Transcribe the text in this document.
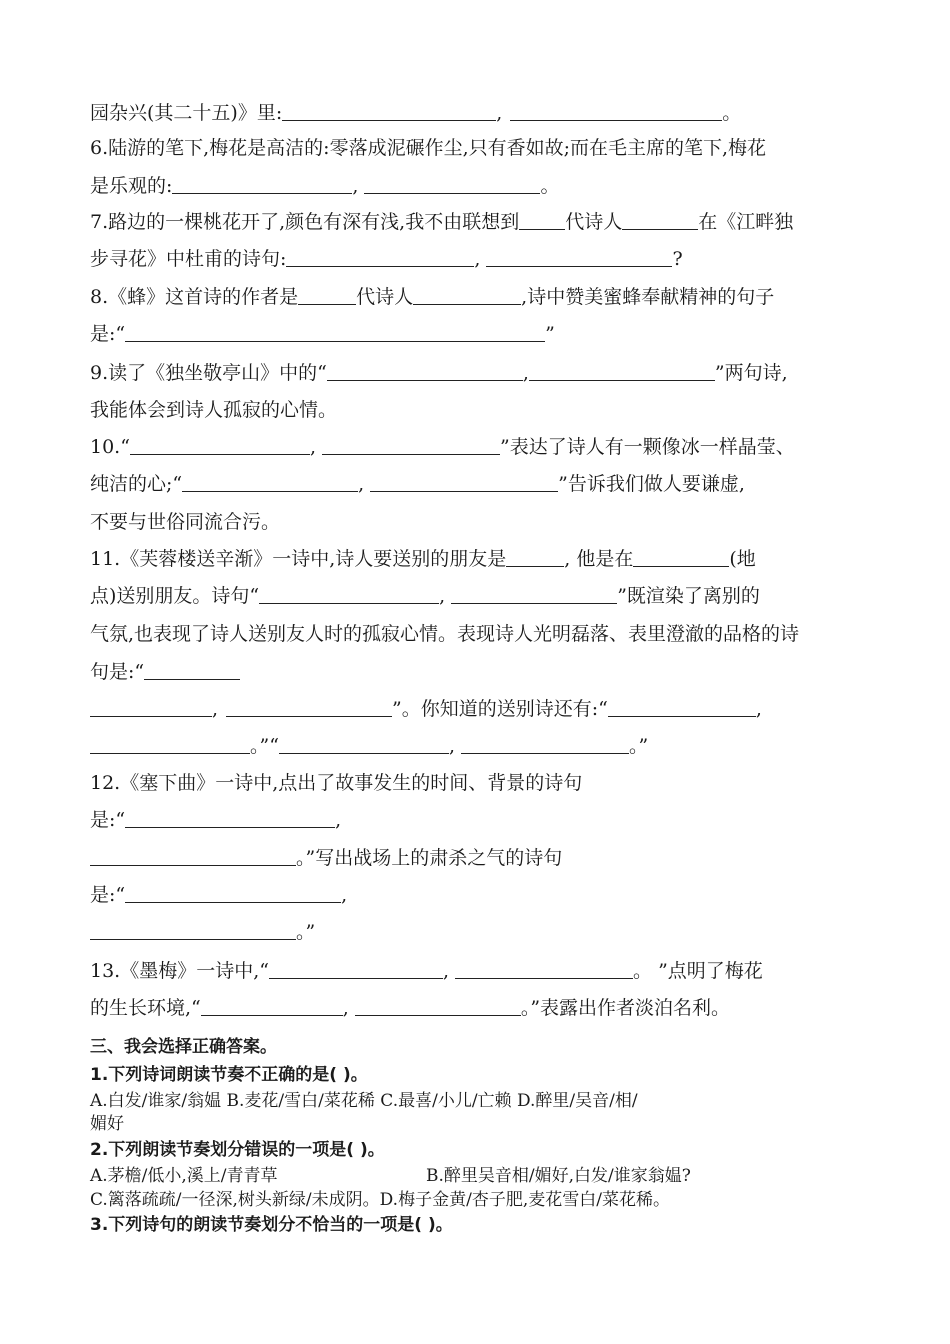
园杂兴(其二十五)》里:	,	。
6.陆游的笔下,梅花是高洁的:零落成泥碾作尘,只有香如故;而在毛主席的笔下,梅花
是乐观的:	,	。
7.路边的一棵桃花开了,颜色有深有浅,我不由联想到 代诗人	在《江畔独
步寻花》中杜甫的诗句:	,	?
8.《蜂》这首诗的作者是	代诗人	,诗中赞美蜜蜂奉献精神的句子
是:“	”
9.读了《独坐敬亭山》中的“	,	”两句诗,
我能体会到诗人孤寂的心情。
10.“	,	”表达了诗人有一颗像冰一样晶莹、
纯洁的心;“	,	”告诉我们做人要谦虚,
不要与世俗同流合污。
11.《芙蓉楼送辛渐》一诗中,诗人要送别的朋友是	, 他是在	(地
点)送别朋友。诗句“	,	”既渲染了离别的
气氛,也表现了诗人送别友人时的孤寂心情。表现诗人光明磊落、表里澄澈的品格的诗
句是:“
,	”。你知道的送别诗还有:“	,
。”“	,	。”
12.《塞下曲》一诗中,点出了故事发生的时间、背景的诗句
是:“	,
。”写出战场上的肃杀之气的诗句
是:“	,
。”
13.《墨梅》一诗中,“	,	。 ”点明了梅花
的生长环境,“	,	。”表露出作者淡泊名利。
三、我会选择正确答案。
1.下列诗词朗读节奏不正确的是( )。
A.白发/谁家/翁媪 B.麦花/雪白/菜花稀 C.最喜/小儿/亡赖 D.醉里/吴音/相/
媚好
2.下列朗读节奏划分错误的一项是( )。
A.茅檐/低小,溪上/青青草	B.醉里吴音相/媚好,白发/谁家翁媪?
C.篱落疏疏/一径深,树头新绿/未成阴。D.梅子金黄/杏子肥,麦花雪白/菜花稀。
3.下列诗句的朗读节奏划分不恰当的一项是( )。
